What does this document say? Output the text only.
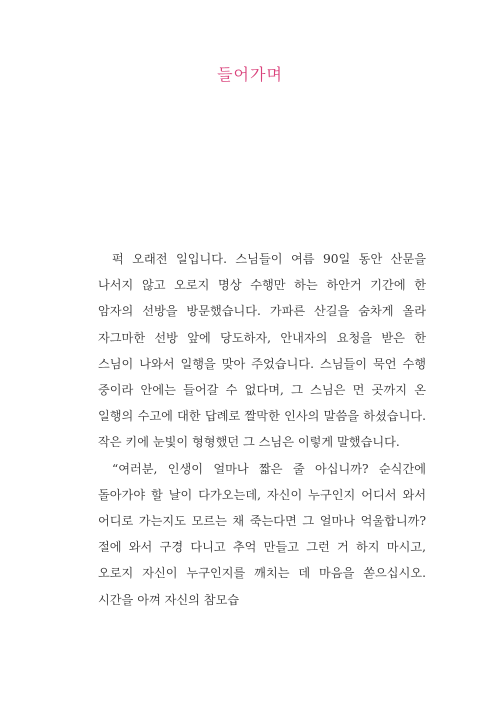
들어가며

퍽 오래전 일입니다. 스님들이 여름 90일 동안 산문을 나서지 않고 오로지 명상 수행만 하는 하안거 기간에 한 암자의 선방을 방문했습니다. 가파른 산길을 숨차게 올라 자그마한 선방 앞에 당도하자, 안내자의 요청을 받은 한 스님이 나와서 일행을 맞아 주었습니다. 스님들이 묵언 수행 중이라 안에는 들어갈 수 없다며, 그 스님은 먼 곳까지 온 일행의 수고에 대한 답례로 짤막한 인사의 말씀을 하셨습니다. 작은 키에 눈빛이 형형했던 그 스님은 이렇게 말했습니다.

“여러분, 인생이 얼마나 짧은 줄 아십니까? 순식간에 돌아가야 할 날이 다가오는데, 자신이 누구인지 어디서 와서 어디로 가는지도 모르는 채 죽는다면 그 얼마나 억울합니까? 절에 와서 구경 다니고 추억 만들고 그런 거 하지 마시고, 오로지 자신이 누구인지를 깨치는 데 마음을 쏟으십시오. 시간을 아껴 자신의 참모습
